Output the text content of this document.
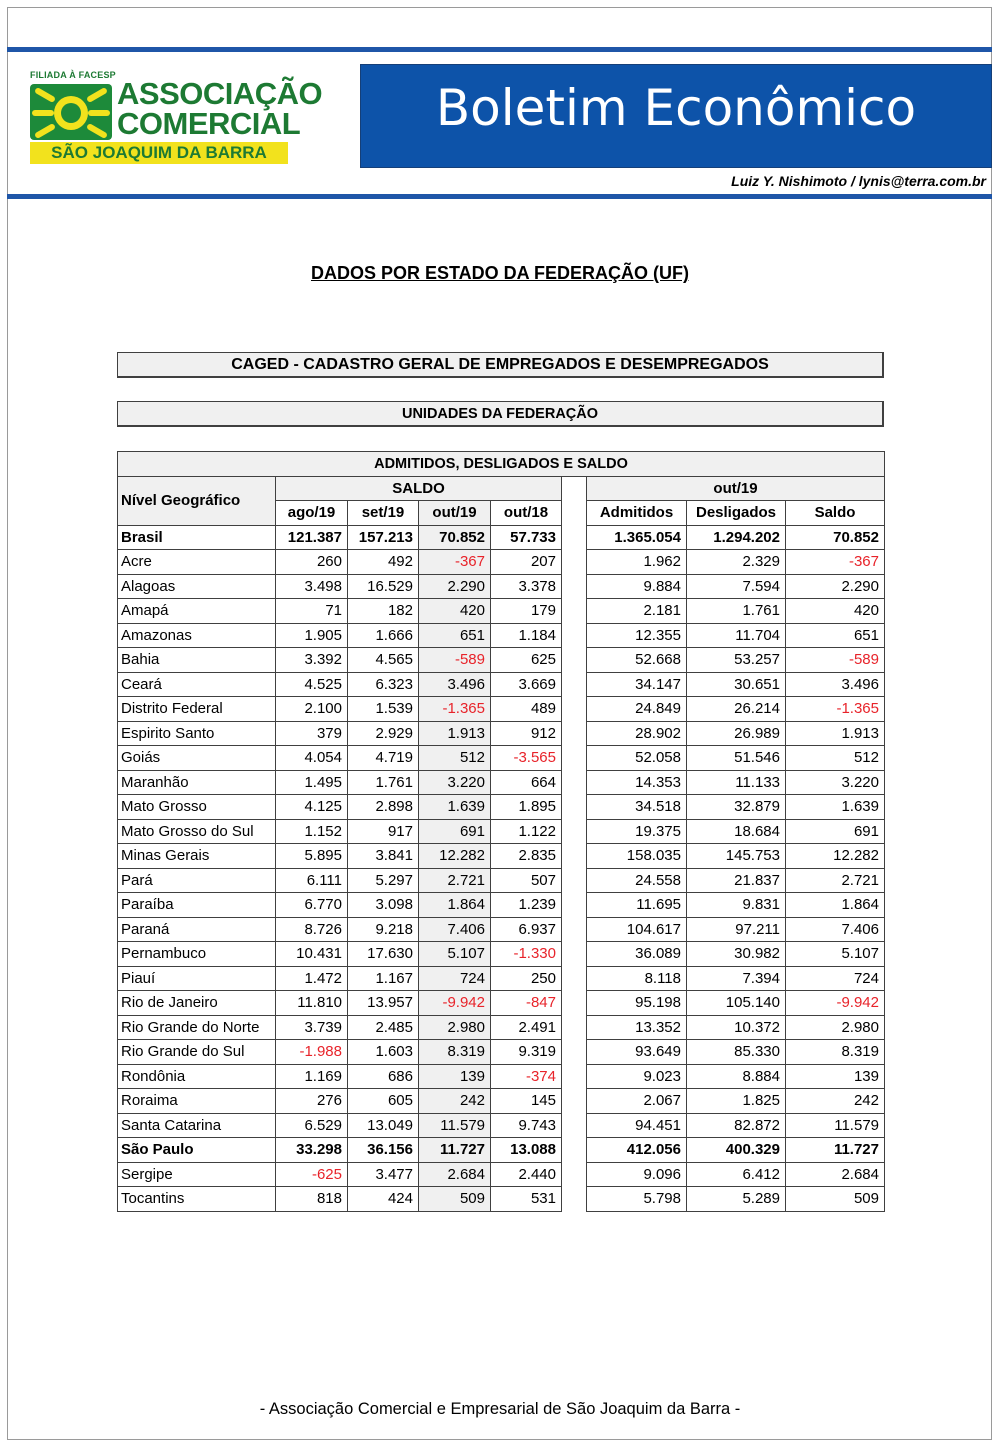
FILIADA À FACESP
ASSOCIAÇÃO
COMERCIAL
SÃO JOAQUIM DA BARRA
Boletim Econômico
Luiz Y. Nishimoto / lynis@terra.com.br
DADOS POR ESTADO DA FEDERAÇÃO (UF)
CAGED - CADASTRO GERAL DE EMPREGADOS E DESEMPREGADOS
UNIDADES DA FEDERAÇÃO
ADMITIDOS, DESLIGADOS E SALDO								
Nível Geográfico	SALDO					out/19		
	ago/19	set/19	out/19	out/18		Admitidos	Desligados	Saldo
Brasil	121.387	157.213	70.852	57.733		1.365.054	1.294.202	70.852
Acre	260	492	-367	207		1.962	2.329	-367
Alagoas	3.498	16.529	2.290	3.378		9.884	7.594	2.290
Amapá	71	182	420	179		2.181	1.761	420
Amazonas	1.905	1.666	651	1.184		12.355	11.704	651
Bahia	3.392	4.565	-589	625		52.668	53.257	-589
Ceará	4.525	6.323	3.496	3.669		34.147	30.651	3.496
Distrito Federal	2.100	1.539	-1.365	489		24.849	26.214	-1.365
Espirito Santo	379	2.929	1.913	912		28.902	26.989	1.913
Goiás	4.054	4.719	512	-3.565		52.058	51.546	512
Maranhão	1.495	1.761	3.220	664		14.353	11.133	3.220
Mato Grosso	4.125	2.898	1.639	1.895		34.518	32.879	1.639
Mato Grosso do Sul	1.152	917	691	1.122		19.375	18.684	691
Minas Gerais	5.895	3.841	12.282	2.835		158.035	145.753	12.282
Pará	6.111	5.297	2.721	507		24.558	21.837	2.721
Paraíba	6.770	3.098	1.864	1.239		11.695	9.831	1.864
Paraná	8.726	9.218	7.406	6.937		104.617	97.211	7.406
Pernambuco	10.431	17.630	5.107	-1.330		36.089	30.982	5.107
Piauí	1.472	1.167	724	250		8.118	7.394	724
Rio de Janeiro	11.810	13.957	-9.942	-847		95.198	105.140	-9.942
Rio Grande do Norte	3.739	2.485	2.980	2.491		13.352	10.372	2.980
Rio Grande do Sul	-1.988	1.603	8.319	9.319		93.649	85.330	8.319
Rondônia	1.169	686	139	-374		9.023	8.884	139
Roraima	276	605	242	145		2.067	1.825	242
Santa Catarina	6.529	13.049	11.579	9.743		94.451	82.872	11.579
São Paulo	33.298	36.156	11.727	13.088		412.056	400.329	11.727
Sergipe	-625	3.477	2.684	2.440		9.096	6.412	2.684
Tocantins	818	424	509	531		5.798	5.289	509
- Associação Comercial e Empresarial de São Joaquim da Barra -
